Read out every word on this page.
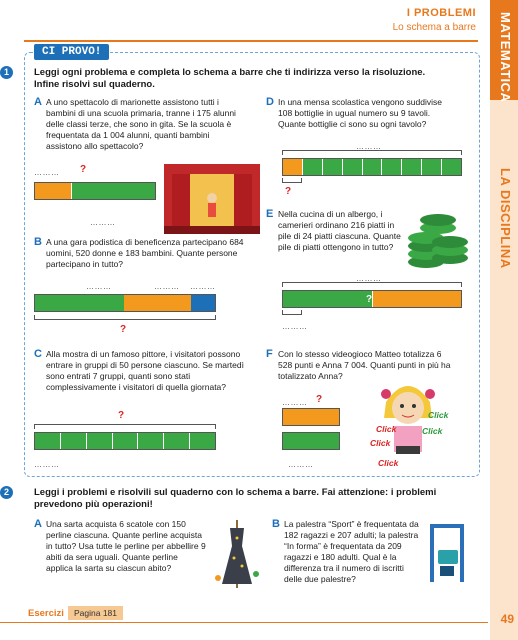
MATEMATICA
LA DISCIPLINA
I PROBLEMI
Lo schema a barre
CI PROVO!
1	Leggi ogni problema e completa lo schema a barre che ti indirizza verso la risoluzione. Infine risolvi sul quaderno.
A A uno spettacolo di marionette assistono tutti i bambini di una scuola primaria, tranne i 175 alunni delle classi terze, che sono in gita. Se la scuola è frequentata da 1 004 alunni, quanti bambini assistono allo spettacolo?
……… ?
………
B A una gara podistica di beneficenza partecipano 684 uomini, 520 donne e 183 bambini. Quante persone partecipano in tutto?
………	……… ………
?
C Alla mostra di un famoso pittore, i visitatori possono entrare in gruppi di 50 persone ciascuno. Se martedì sono entrati 7 gruppi, quanti sono stati complessivamente i visitatori di quella giornata?
?
………
D In una mensa scolastica vengono suddivise 108 bottiglie in ugual numero su 9 tavoli. Quante bottiglie ci sono su ogni tavolo?
………
?
E Nella cucina di un albergo, i camerieri ordinano 216 piatti in pile di 24 piatti ciascuna. Quante pile di piatti ottengono in tutto?
………
?
………
F Con lo stesso videogioco Matteo totalizza 6 528 punti e Anna 7 004. Quanti punti in più ha totalizzato Anna?
……… ?
………
Click
Click
Click
Click
Click
2	Leggi i problemi e risolvili sul quaderno con lo schema a barre. Fai attenzione: i problemi prevedono più operazioni!
A Una sarta acquista 6 scatole con 150 perline ciascuna. Quante perline acquista in tutto? Usa tutte le perline per abbellire 9 abiti da sera uguali. Quante perline applica la sarta su ciascun abito?
B La palestra “Sport” è frequentata da 182 ragazzi e 207 adulti; la palestra “In forma” è frequentata da 209 ragazzi e 180 adulti. Qual è la differenza tra il numero di iscritti delle due palestre?
Esercizi	Pagina 181	49
